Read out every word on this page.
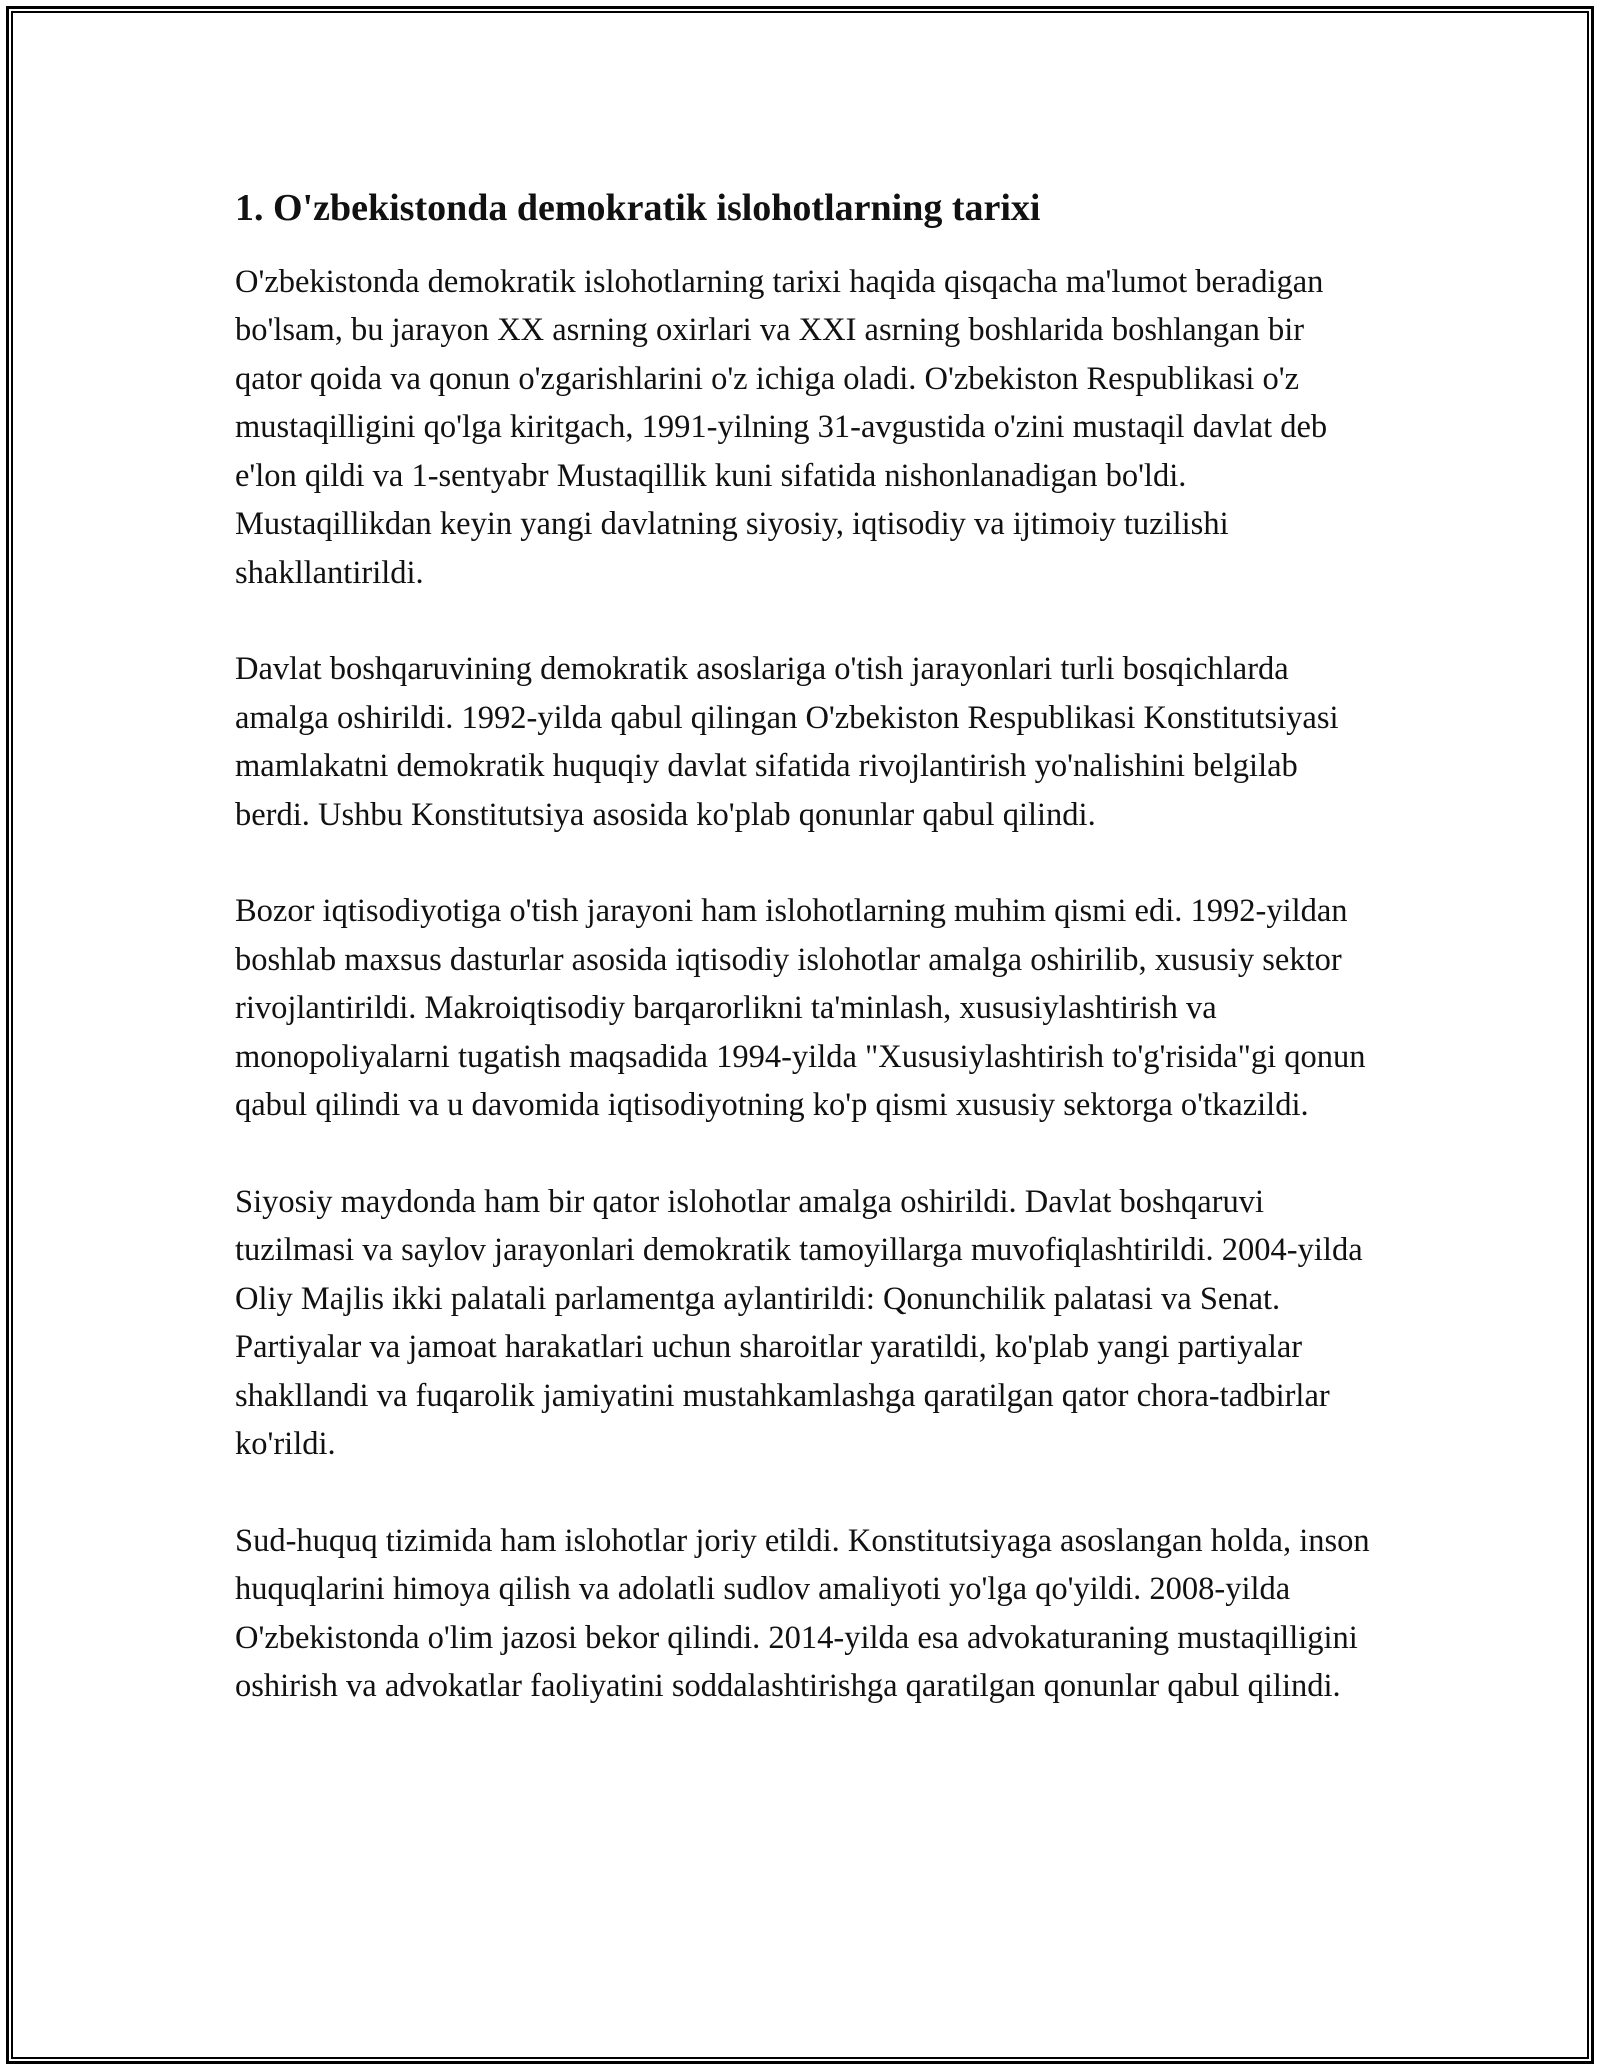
1. O'zbekistonda demokratik islohotlarning tarixi

O'zbekistonda demokratik islohotlarning tarixi haqida qisqacha ma'lumot beradigan bo'lsam, bu jarayon XX asrning oxirlari va XXI asrning boshlarida boshlangan bir qator qoida va qonun o'zgarishlarini o'z ichiga oladi. O'zbekiston Respublikasi o'z mustaqilligini qo'lga kiritgach, 1991-yilning 31-avgustida o'zini mustaqil davlat deb e'lon qildi va 1-sentyabr Mustaqillik kuni sifatida nishonlanadigan bo'ldi. Mustaqillikdan keyin yangi davlatning siyosiy, iqtisodiy va ijtimoiy tuzilishi shakllantirildi.

Davlat boshqaruvining demokratik asoslariga o'tish jarayonlari turli bosqichlarda amalga oshirildi. 1992-yilda qabul qilingan O'zbekiston Respublikasi Konstitutsiyasi mamlakatni demokratik huquqiy davlat sifatida rivojlantirish yo'nalishini belgilab berdi. Ushbu Konstitutsiya asosida ko'plab qonunlar qabul qilindi.

Bozor iqtisodiyotiga o'tish jarayoni ham islohotlarning muhim qismi edi. 1992-yildan boshlab maxsus dasturlar asosida iqtisodiy islohotlar amalga oshirilib, xususiy sektor rivojlantirildi. Makroiqtisodiy barqarorlikni ta'minlash, xususiylashtirish va monopoliyalarni tugatish maqsadida 1994-yilda "Xususiylashtirish to'g'risida"gi qonun qabul qilindi va u davomida iqtisodiyotning ko'p qismi xususiy sektorga o'tkazildi.

Siyosiy maydonda ham bir qator islohotlar amalga oshirildi. Davlat boshqaruvi tuzilmasi va saylov jarayonlari demokratik tamoyillarga muvofiqlashtirildi. 2004-yilda Oliy Majlis ikki palatali parlamentga aylantirildi: Qonunchilik palatasi va Senat. Partiyalar va jamoat harakatlari uchun sharoitlar yaratildi, ko'plab yangi partiyalar shakllandi va fuqarolik jamiyatini mustahkamlashga qaratilgan qator chora-tadbirlar ko'rildi.

Sud-huquq tizimida ham islohotlar joriy etildi. Konstitutsiyaga asoslangan holda, inson huquqlarini himoya qilish va adolatli sudlov amaliyoti yo'lga qo'yildi. 2008-yilda O'zbekistonda o'lim jazosi bekor qilindi. 2014-yilda esa advokaturaning mustaqilligini oshirish va advokatlar faoliyatini soddalashtirishga qaratilgan qonunlar qabul qilindi.
